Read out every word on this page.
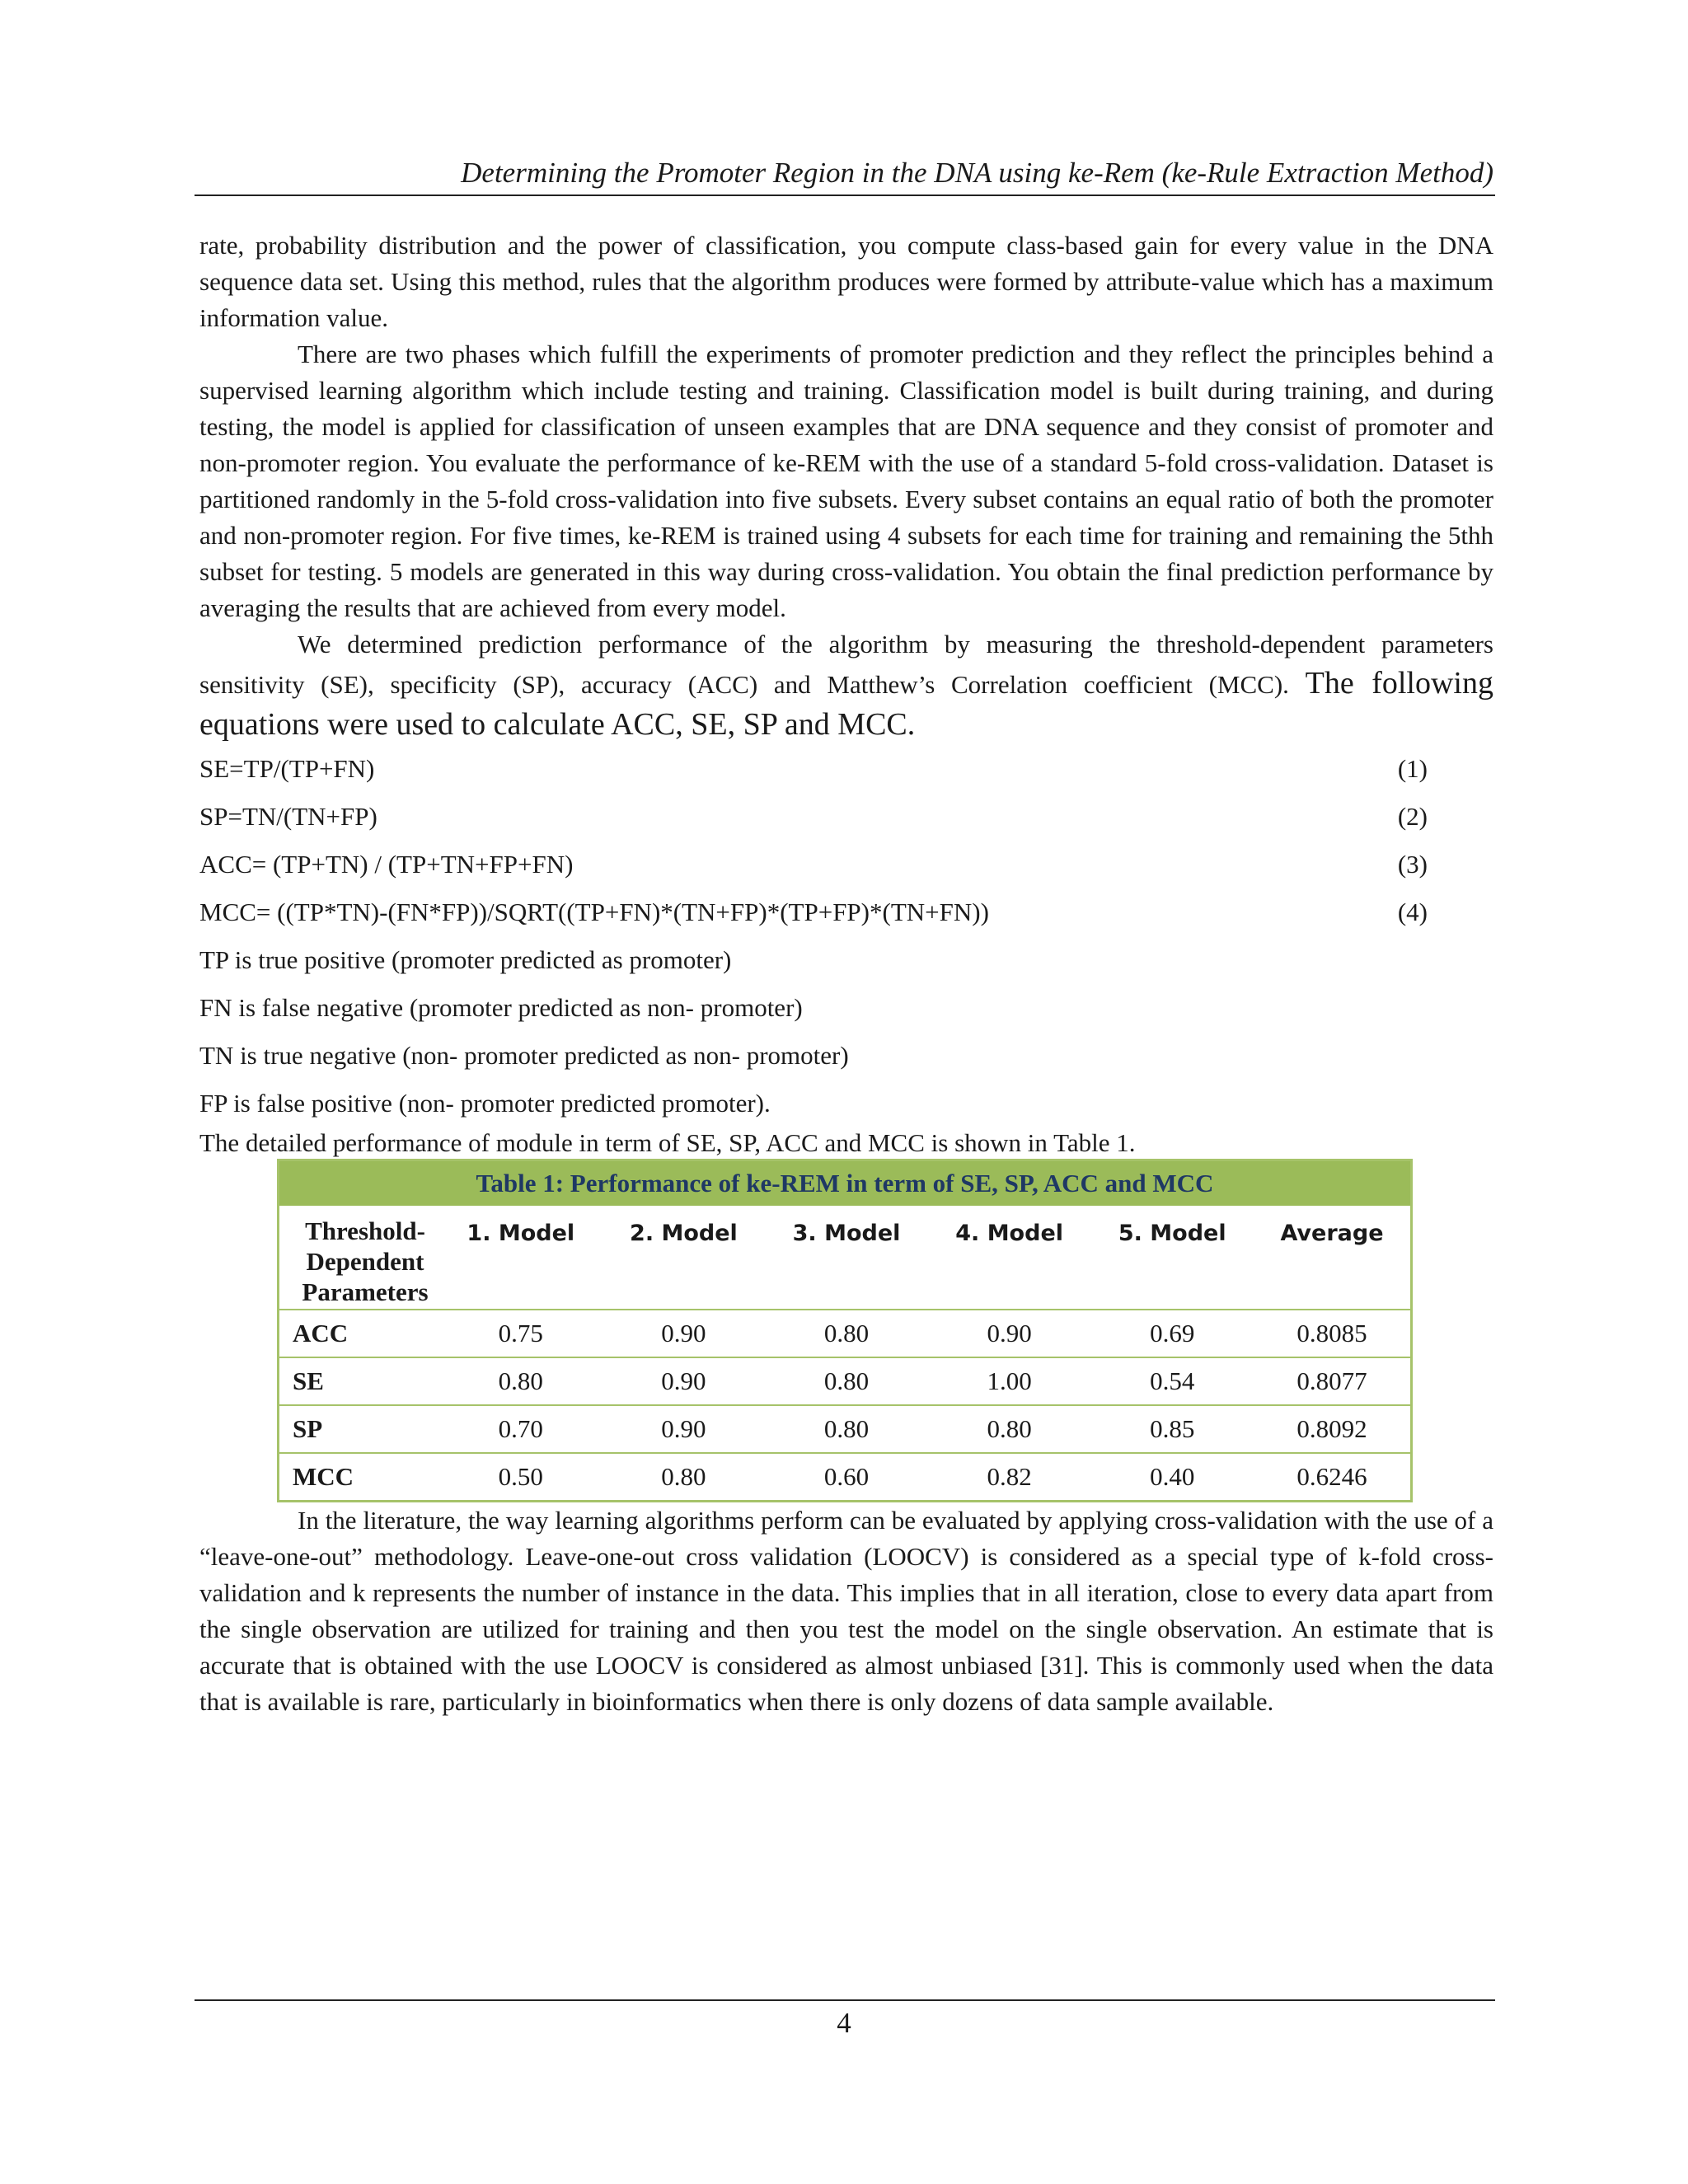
Determining the Promoter Region in the DNA using ke-Rem (ke-Rule Extraction Method)

rate, probability distribution and the power of classification, you compute class-based gain for every value in the DNA sequence data set. Using this method, rules that the algorithm produces were formed by attribute-value which has a maximum information value.

There are two phases which fulfill the experiments of promoter prediction and they reflect the principles behind a supervised learning algorithm which include testing and training. Classification model is built during training, and during testing, the model is applied for classification of unseen examples that are DNA sequence and they consist of promoter and non-promoter region. You evaluate the performance of ke-REM with the use of a standard 5-fold cross-validation. Dataset is partitioned randomly in the 5-fold cross-validation into five subsets. Every subset contains an equal ratio of both the promoter and non-promoter region. For five times, ke-REM is trained using 4 subsets for each time for training and remaining the 5thh subset for testing. 5 models are generated in this way during cross-validation. You obtain the final prediction performance by averaging the results that are achieved from every model.

We determined prediction performance of the algorithm by measuring the threshold-dependent parameters sensitivity (SE), specificity (SP), accuracy (ACC) and Matthew’s Correlation coefficient (MCC). The following equations were used to calculate ACC, SE, SP and MCC.

SE=TP/(TP+FN)	(1)
SP=TN/(TN+FP)	(2)
ACC= (TP+TN) / (TP+TN+FP+FN)	(3)
MCC= ((TP*TN)-(FN*FP))/SQRT((TP+FN)*(TN+FP)*(TP+FP)*(TN+FN))	(4)
TP is true positive (promoter predicted as promoter)
FN is false negative (promoter predicted as non- promoter)
TN is true negative (non- promoter predicted as non- promoter)
FP is false positive (non- promoter predicted promoter).
The detailed performance of module in term of SE, SP, ACC and MCC is shown in Table 1.
Table 1: Performance of ke-REM in term of SE, SP, ACC and MCC						

Threshold-
Dependent
Parameters	1. Model	2. Model	3. Model	4. Model	5. Model	Average
ACC	0.75	0.90	0.80	0.90	0.69	0.8085
SE	0.80	0.90	0.80	1.00	0.54	0.8077
SP	0.70	0.90	0.80	0.80	0.85	0.8092
MCC	0.50	0.80	0.60	0.82	0.40	0.6246

In the literature, the way learning algorithms perform can be evaluated by applying cross-validation with the use of a “leave-one-out” methodology. Leave-one-out cross validation (LOOCV) is considered as a special type of k-fold cross-validation and k represents the number of instance in the data. This implies that in all iteration, close to every data apart from the single observation are utilized for training and then you test the model on the single observation. An estimate that is accurate that is obtained with the use LOOCV is considered as almost unbiased [31]. This is commonly used when the data that is available is rare, particularly in bioinformatics when there is only dozens of data sample available.

4
